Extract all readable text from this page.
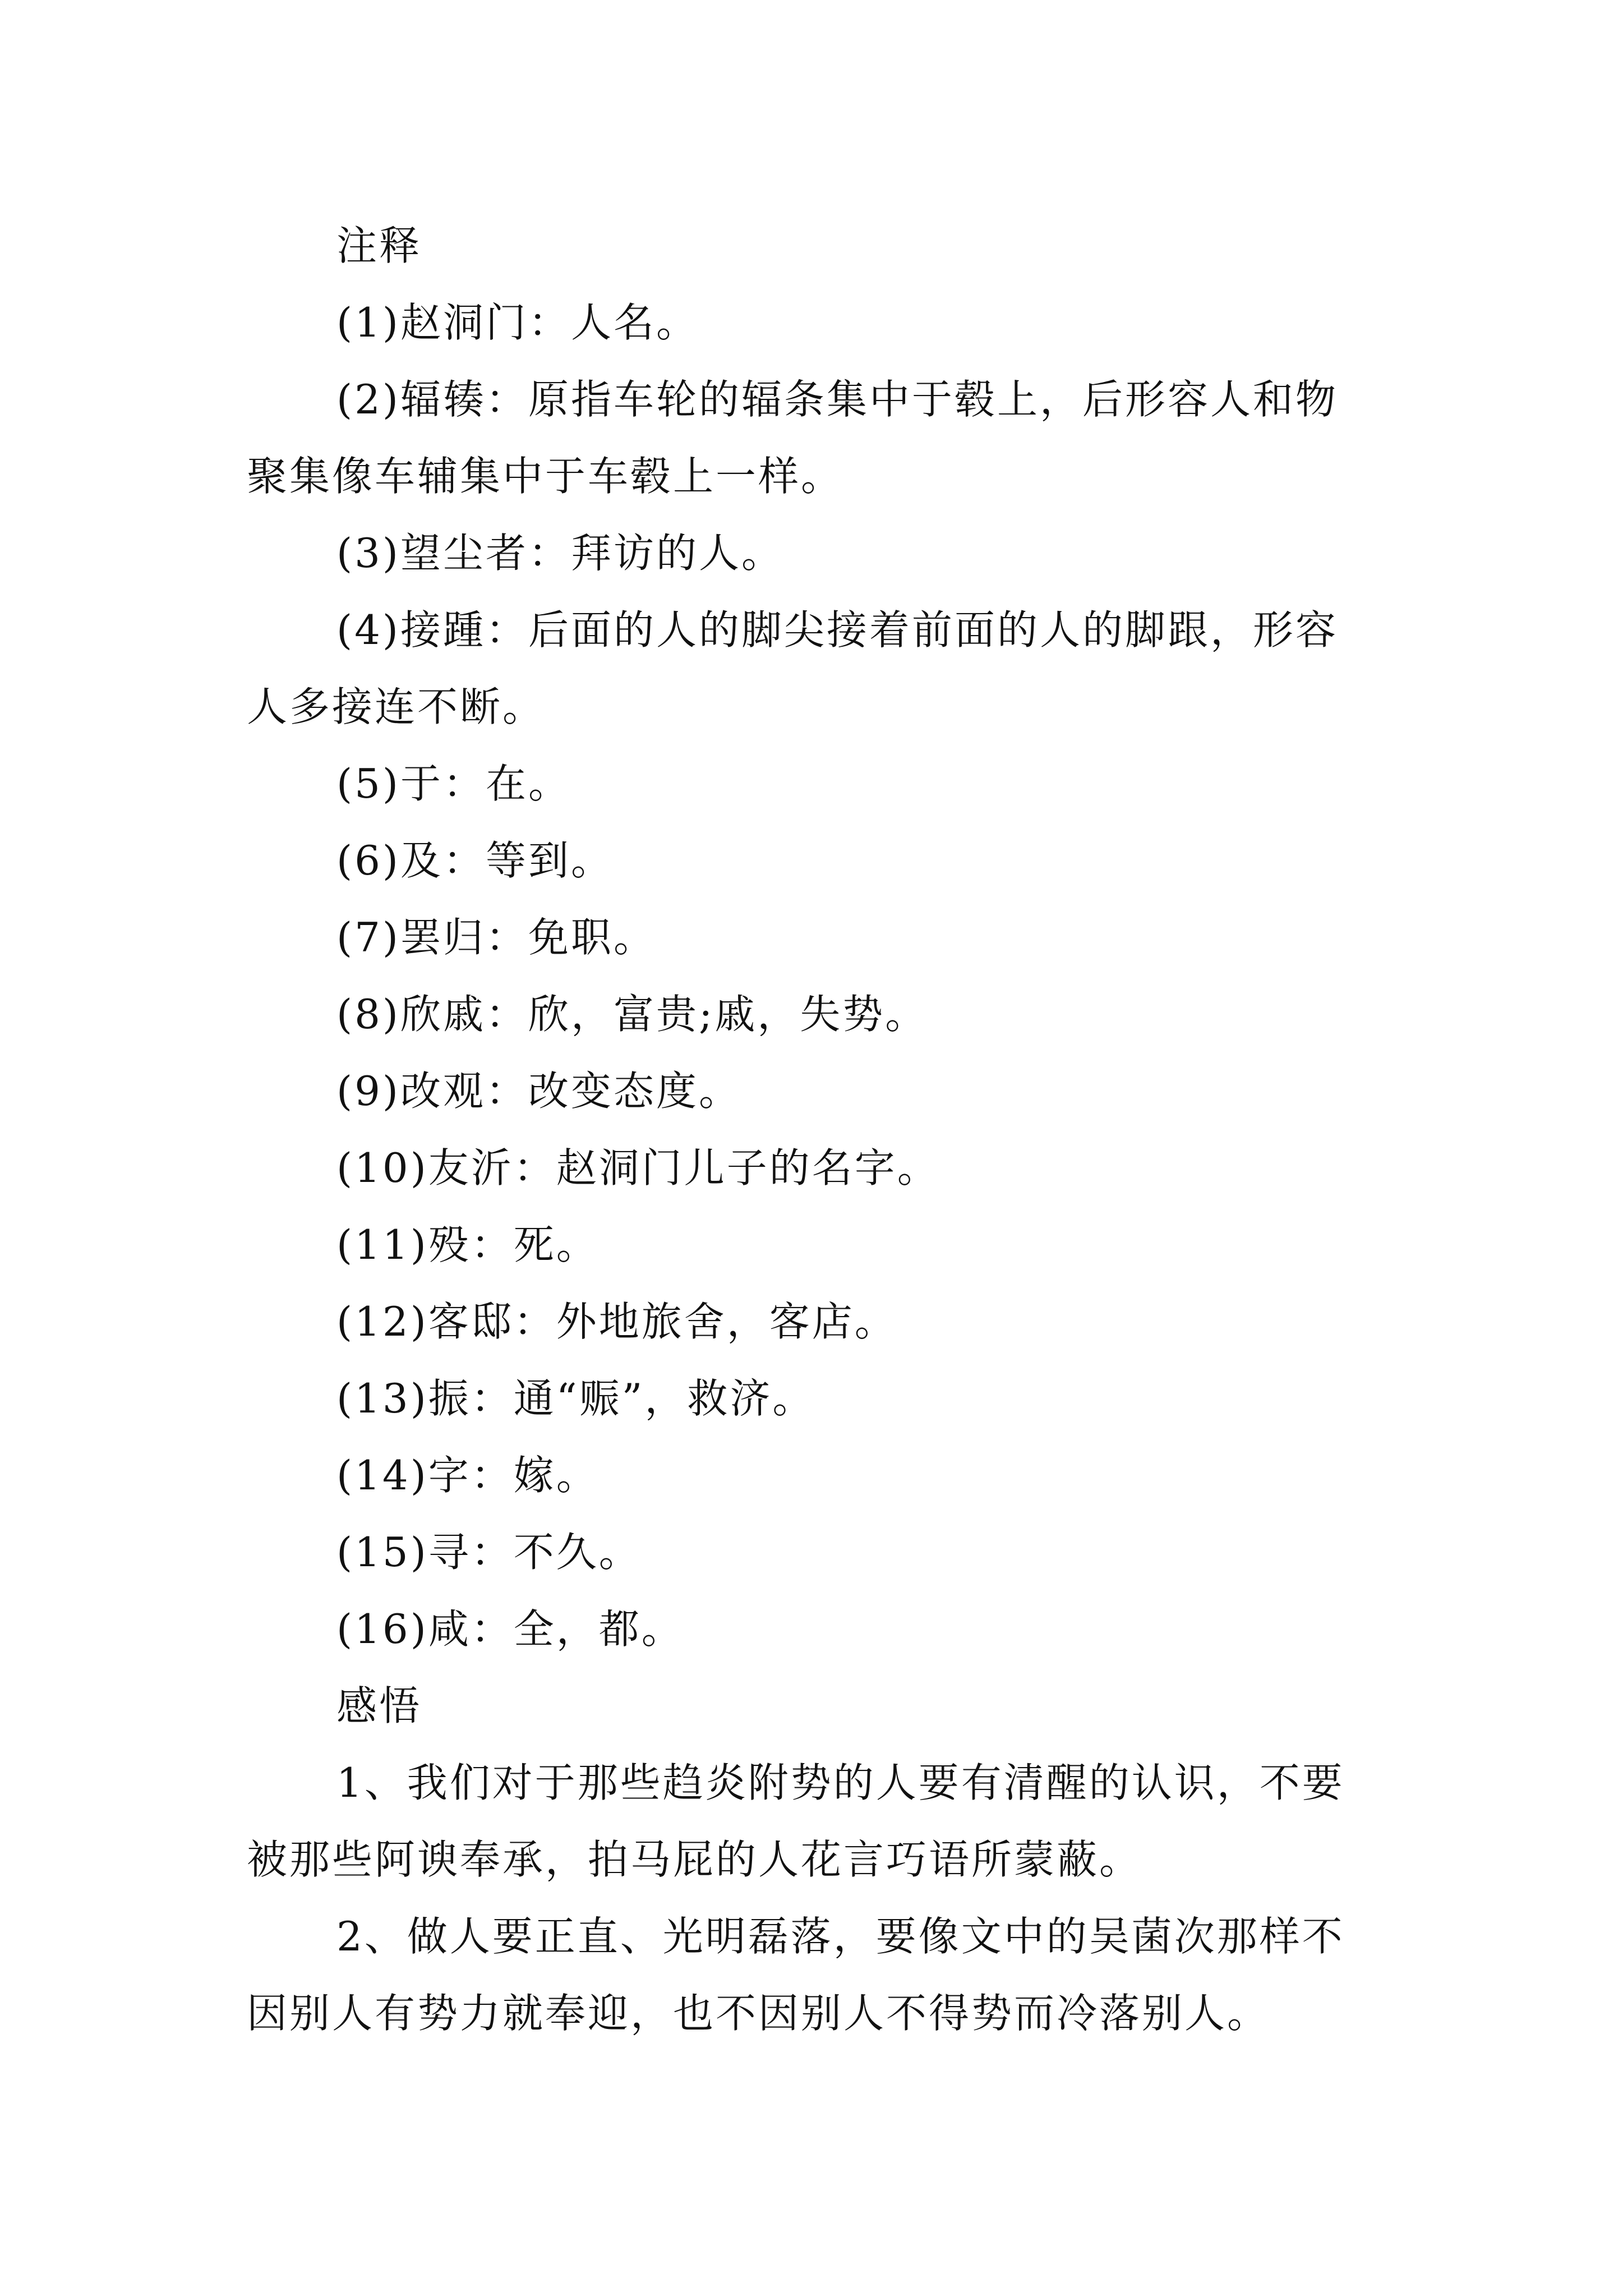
注释
(1)赵洞门：人名。
(2)辐辏：原指车轮的辐条集中于毂上，后形容人和物
聚集像车辅集中于车毂上一样。
(3)望尘者：拜访的人。
(4)接踵：后面的人的脚尖接着前面的人的脚跟，形容
人多接连不断。
(5)于：在。
(6)及：等到。
(7)罢归：免职。
(8)欣戚：欣，富贵;戚，失势。
(9)改观：改变态度。
(10)友沂：赵洞门儿子的名字。
(11)殁：死。
(12)客邸：外地旅舍，客店。
(13)振：通“赈”，救济。
(14)字：嫁。
(15)寻：不久。
(16)咸：全，都。
感悟
1、我们对于那些趋炎附势的人要有清醒的认识，不要
被那些阿谀奉承，拍马屁的人花言巧语所蒙蔽。
2、做人要正直、光明磊落，要像文中的吴菌次那样不
因别人有势力就奉迎，也不因别人不得势而冷落别人。
